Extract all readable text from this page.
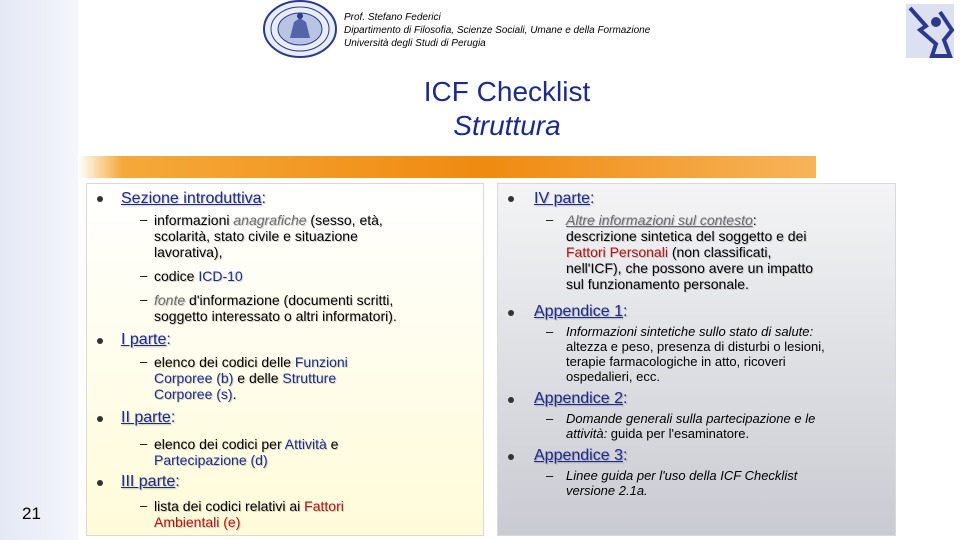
21
Prof. Stefano Federici
Dipartimento di Filosofia, Scienze Sociali, Umane e della Formazione
Università degli Studi di Perugia
ICF Checklist
Struttura

Sezione introduttiva:

– informazioni anagrafiche (sesso, età,
scolarità, stato civile e situazione
lavorativa),

– codice ICD-10

– fonte d'informazione (documenti scritti,
soggetto interessato o altri informatori).

I parte:

– elenco dei codici delle Funzioni
Corporee (b) e delle Strutture
Corporee (s).

II parte:

– elenco dei codici per Attività e
Partecipazione (d)

III parte:

– lista dei codici relativi ai Fattori
Ambientali (e)

IV parte:

– Altre informazioni sul contesto:
descrizione sintetica del soggetto e dei
Fattori Personali (non classificati,
nell'ICF), che possono avere un impatto
sul funzionamento personale.

Appendice 1:

– Informazioni sintetiche sullo stato di salute:
altezza e peso, presenza di disturbi o lesioni,
terapie farmacologiche in atto, ricoveri
ospedalieri, ecc.

Appendice 2:

– Domande generali sulla partecipazione e le
attività: guida per l'esaminatore.

Appendice 3:

– Linee guida per l'uso della ICF Checklist
versione 2.1a.
